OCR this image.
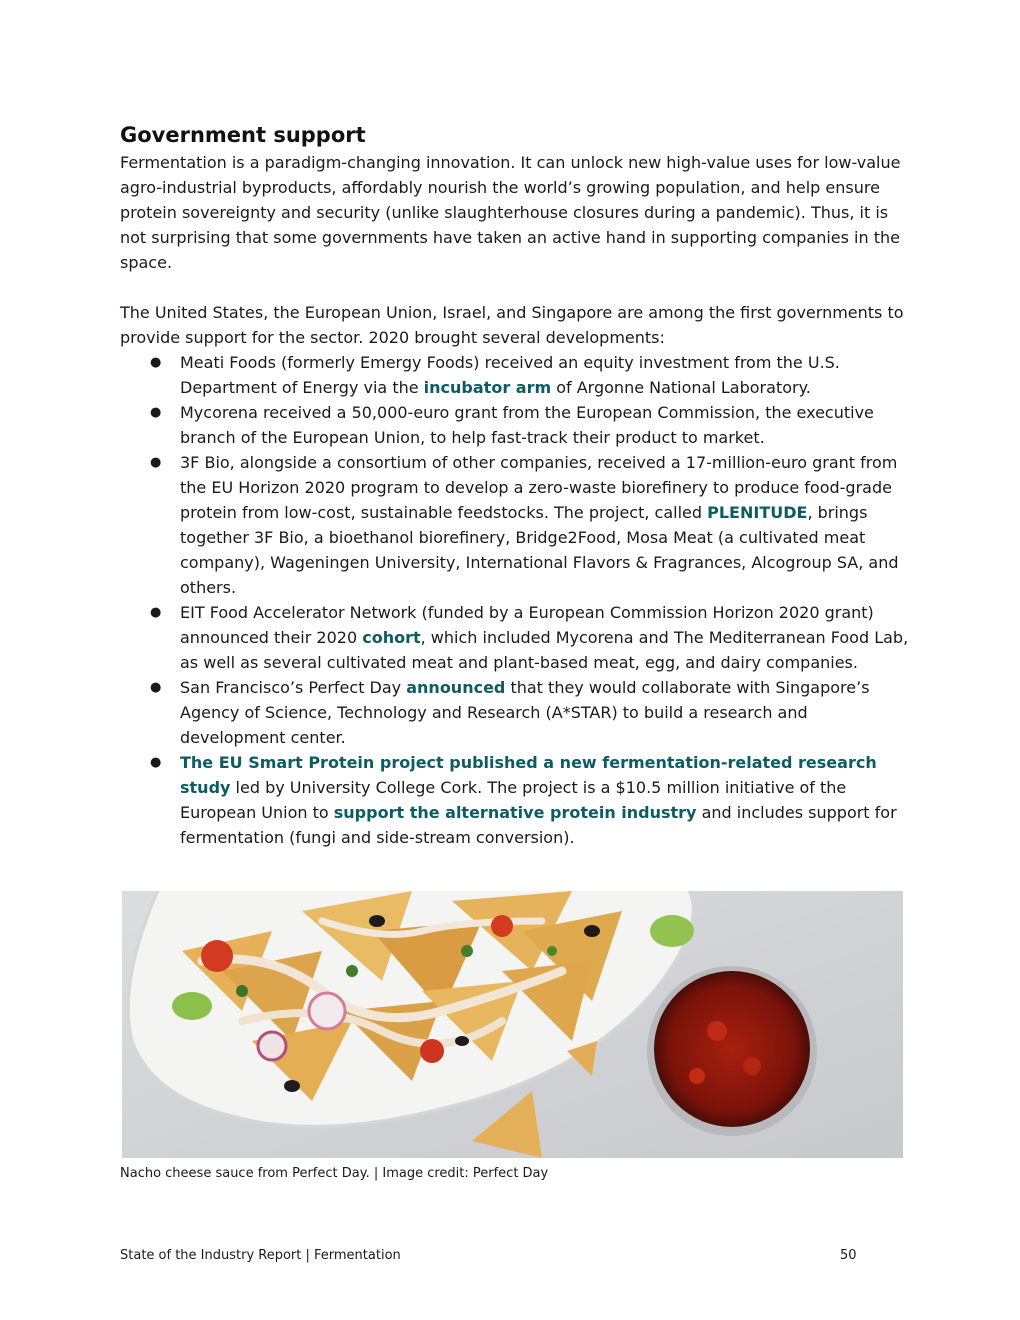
Government support

Fermentation is a paradigm-changing innovation. It can unlock new high-value uses for low-value agro-industrial byproducts, affordably nourish the world’s growing population, and help ensure protein sovereignty and security (unlike slaughterhouse closures during a pandemic). Thus, it is not surprising that some governments have taken an active hand in supporting companies in the space.

The United States, the European Union, Israel, and Singapore are among the first governments to provide support for the sector. 2020 brought several developments:

● Meati Foods (formerly Emergy Foods) received an equity investment from the U.S. Department of Energy via the incubator arm of Argonne National Laboratory.
● Mycorena received a 50,000-euro grant from the European Commission, the executive branch of the European Union, to help fast-track their product to market.
● 3F Bio, alongside a consortium of other companies, received a 17-million-euro grant from the EU Horizon 2020 program to develop a zero-waste biorefinery to produce food-grade protein from low-cost, sustainable feedstocks. The project, called PLENITUDE, brings together 3F Bio, a bioethanol biorefinery, Bridge2Food, Mosa Meat (a cultivated meat company), Wageningen University, International Flavors & Fragrances, Alcogroup SA, and others.
● EIT Food Accelerator Network (funded by a European Commission Horizon 2020 grant) announced their 2020 cohort, which included Mycorena and The Mediterranean Food Lab, as well as several cultivated meat and plant-based meat, egg, and dairy companies.
● San Francisco’s Perfect Day announced that they would collaborate with Singapore’s Agency of Science, Technology and Research (A*STAR) to build a research and development center.
● The EU Smart Protein project published a new fermentation-related research study led by University College Cork. The project is a $10.5 million initiative of the European Union to support the alternative protein industry and includes support for fermentation (fungi and side-stream conversion).
Nacho cheese sauce from Perfect Day. | Image credit: Perfect Day
State of the Industry Report | Fermentation	50
